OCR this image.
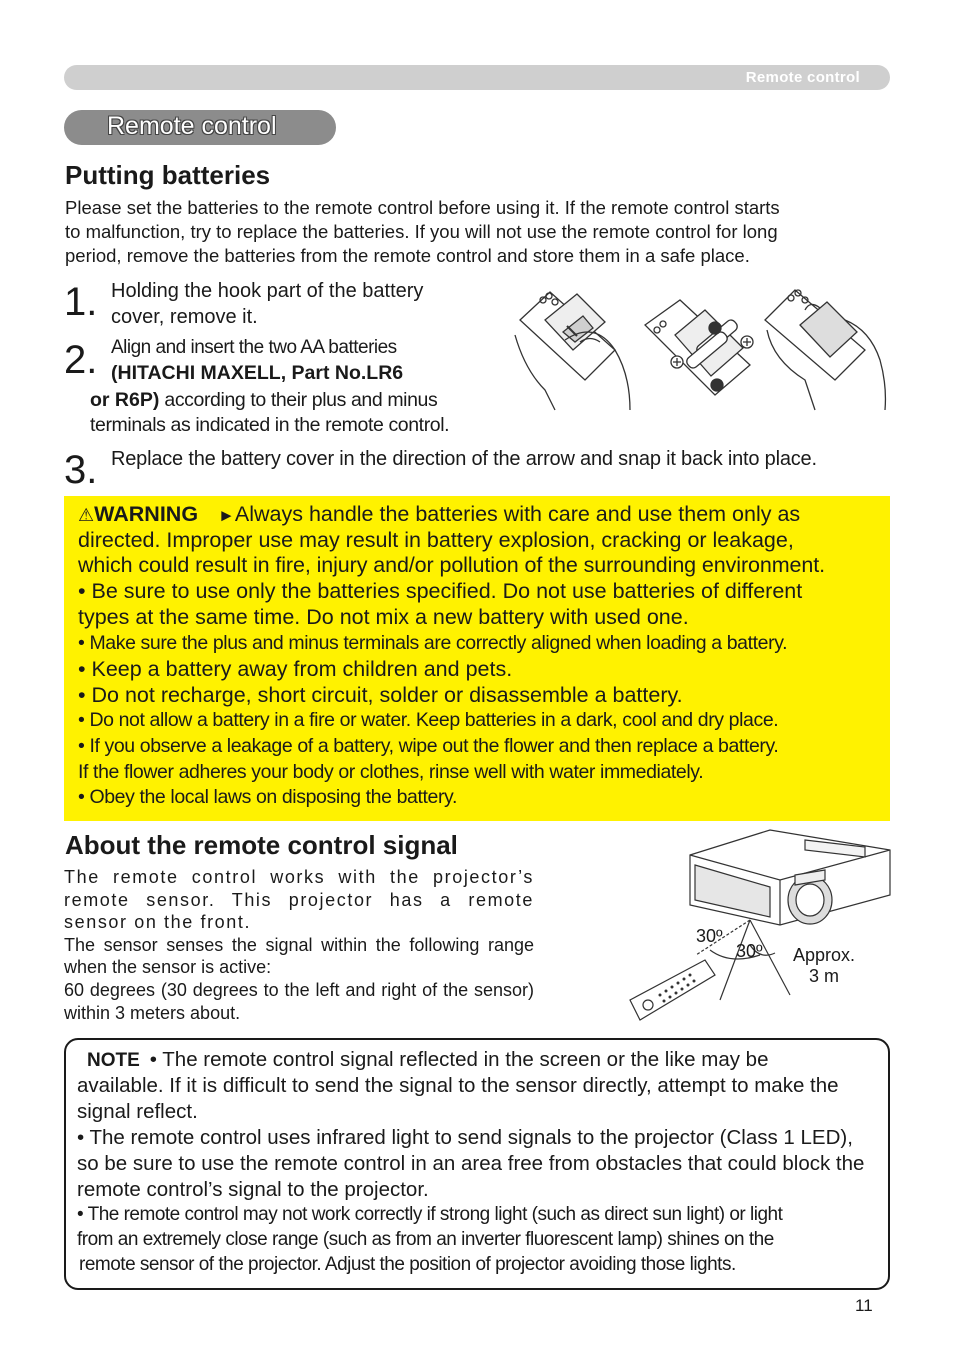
Remote control
Remote control
Putting batteries
Please set the batteries to the remote control before using it. If the remote control starts
to malfunction, try to replace the batteries. If you will not use the remote control for long
period, remove the batteries from the remote control and store them in a safe place.
1. Holding the hook part of the battery
cover, remove it.
2. Align and insert the two AA batteries
(HITACHI MAXELL, Part No.LR6
or R6P) according to their plus and minus
terminals as indicated in the remote control.
3. Replace the battery cover in the direction of the arrow and snap it back into place.
⚠WARNING ►Always handle the batteries with care and use them only as
directed. Improper use may result in battery explosion, cracking or leakage,
which could result in fire, injury and/or pollution of the surrounding environment.
• Be sure to use only the batteries specified. Do not use batteries of different
types at the same time. Do not mix a new battery with used one.
• Make sure the plus and minus terminals are correctly aligned when loading a battery.
• Keep a battery away from children and pets.
• Do not recharge, short circuit, solder or disassemble a battery.
• Do not allow a battery in a fire or water. Keep batteries in a dark, cool and dry place.
• If you observe a leakage of a battery, wipe out the flower and then replace a battery.
If the flower adheres your body or clothes, rinse well with water immediately.
• Obey the local laws on disposing the battery.
About the remote control signal
The remote control works with the projector’s remote sensor. This projector has a remote sensor on the front.
The sensor senses the signal within the following range when the sensor is active:
60 degrees (30 degrees to the left and right of the sensor) within 3 meters about.
30º
30º Approx.
3 m
NOTE • The remote control signal reflected in the screen or the like may be
available. If it is difficult to send the signal to the sensor directly, attempt to make the
signal reflect.
• The remote control uses infrared light to send signals to the projector (Class 1 LED),
so be sure to use the remote control in an area free from obstacles that could block the
remote control’s signal to the projector.
• The remote control may not work correctly if strong light (such as direct sun light) or light
from an extremely close range (such as from an inverter fluorescent lamp) shines on the
remote sensor of the projector. Adjust the position of projector avoiding those lights.
11
